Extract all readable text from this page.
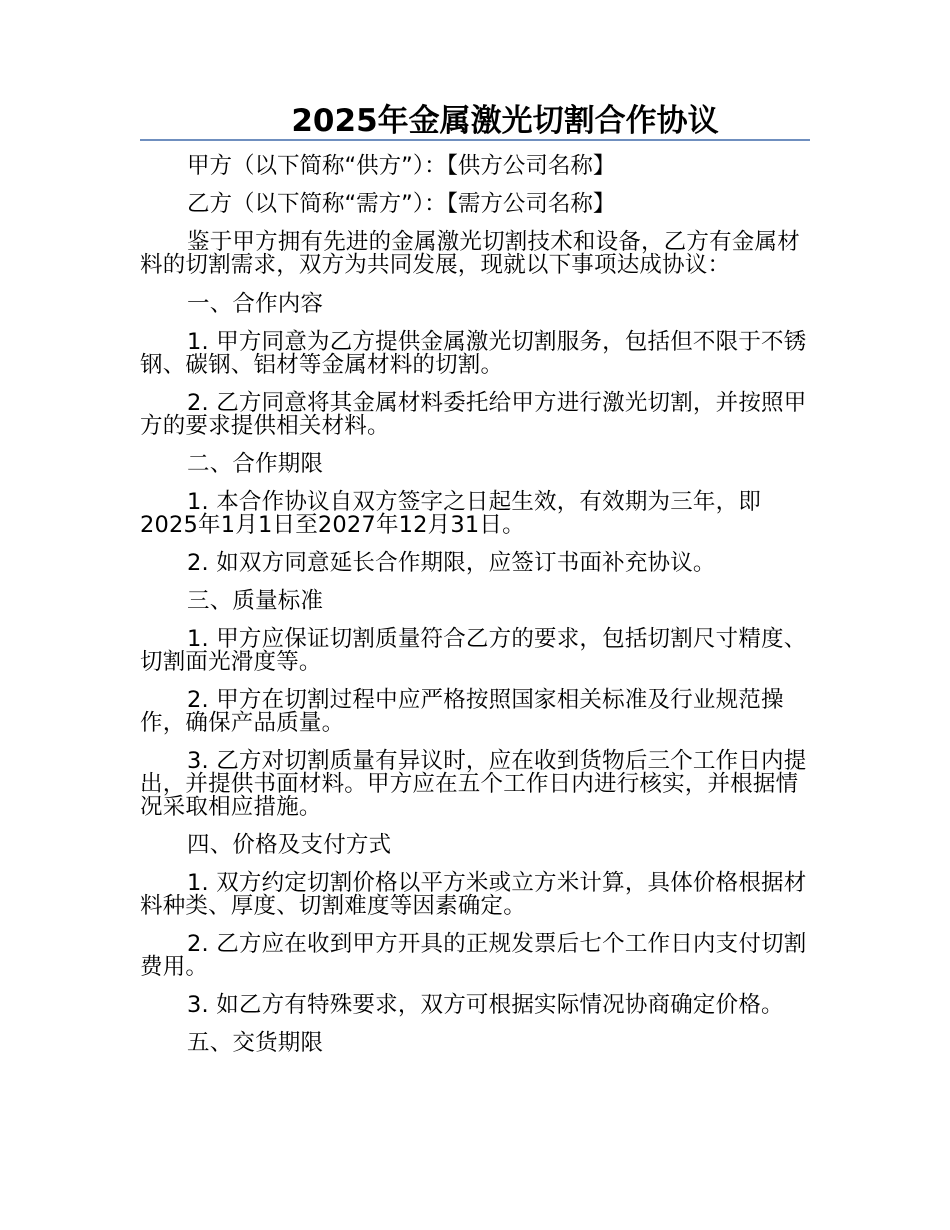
2025年金属激光切割合作协议

甲方（以下简称“供方”）：【供方公司名称】

乙方（以下简称“需方”）：【需方公司名称】

鉴于甲方拥有先进的金属激光切割技术和设备，乙方有金属材料的切割需求，双方为共同发展，现就以下事项达成协议：

一、合作内容

1. 甲方同意为乙方提供金属激光切割服务，包括但不限于不锈钢、碳钢、铝材等金属材料的切割。

2. 乙方同意将其金属材料委托给甲方进行激光切割，并按照甲方的要求提供相关材料。

二、合作期限

1. 本合作协议自双方签字之日起生效，有效期为三年，即2025年1月1日至2027年12月31日。

2. 如双方同意延长合作期限，应签订书面补充协议。

三、质量标准

1. 甲方应保证切割质量符合乙方的要求，包括切割尺寸精度、切割面光滑度等。

2. 甲方在切割过程中应严格按照国家相关标准及行业规范操作，确保产品质量。

3. 乙方对切割质量有异议时，应在收到货物后三个工作日内提出，并提供书面材料。甲方应在五个工作日内进行核实，并根据情况采取相应措施。

四、价格及支付方式

1. 双方约定切割价格以平方米或立方米计算，具体价格根据材料种类、厚度、切割难度等因素确定。

2. 乙方应在收到甲方开具的正规发票后七个工作日内支付切割费用。

3. 如乙方有特殊要求，双方可根据实际情况协商确定价格。

五、交货期限
